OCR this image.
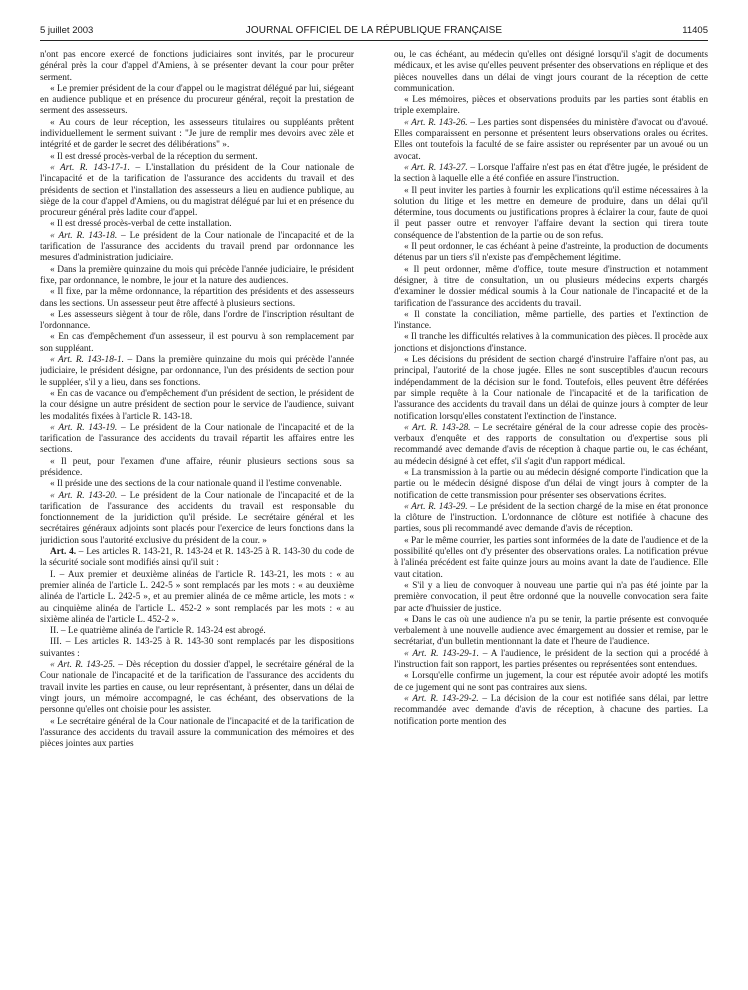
5 juillet 2003	JOURNAL OFFICIEL DE LA RÉPUBLIQUE FRANÇAISE	11405

n'ont pas encore exercé de fonctions judiciaires sont invités, par le procureur général près la cour d'appel d'Amiens, à se présenter devant la cour pour prêter serment.

« Le premier président de la cour d'appel ou le magistrat délégué par lui, siégeant en audience publique et en présence du procureur général, reçoit la prestation de serment des assesseurs.

« Au cours de leur réception, les assesseurs titulaires ou suppléants prêtent individuellement le serment suivant : "Je jure de remplir mes devoirs avec zèle et intégrité et de garder le secret des délibérations" ».

« Il est dressé procès-verbal de la réception du serment.

« Art. R. 143-17-1. – L'installation du président de la Cour nationale de l'incapacité et de la tarification de l'assurance des accidents du travail et des présidents de section et l'installation des assesseurs a lieu en audience publique, au siège de la cour d'appel d'Amiens, ou du magistrat délégué par lui et en présence du procureur général près ladite cour d'appel.

« Il est dressé procès-verbal de cette installation.

« Art. R. 143-18. – Le président de la Cour nationale de l'incapacité et de la tarification de l'assurance des accidents du travail prend par ordonnance les mesures d'administration judiciaire.

« Dans la première quinzaine du mois qui précède l'année judiciaire, le président fixe, par ordonnance, le nombre, le jour et la nature des audiences.

« Il fixe, par la même ordonnance, la répartition des présidents et des assesseurs dans les sections. Un assesseur peut être affecté à plusieurs sections.

« Les assesseurs siègent à tour de rôle, dans l'ordre de l'inscription résultant de l'ordonnance.

« En cas d'empêchement d'un assesseur, il est pourvu à son remplacement par son suppléant.

« Art. R. 143-18-1. – Dans la première quinzaine du mois qui précède l'année judiciaire, le président désigne, par ordonnance, l'un des présidents de section pour le suppléer, s'il y a lieu, dans ses fonctions.

« En cas de vacance ou d'empêchement d'un président de section, le président de la cour désigne un autre président de section pour le service de l'audience, suivant les modalités fixées à l'article R. 143-18.

« Art. R. 143-19. – Le président de la Cour nationale de l'incapacité et de la tarification de l'assurance des accidents du travail répartit les affaires entre les sections.

« Il peut, pour l'examen d'une affaire, réunir plusieurs sections sous sa présidence.

« Il préside une des sections de la cour nationale quand il l'estime convenable.

« Art. R. 143-20. – Le président de la Cour nationale de l'incapacité et de la tarification de l'assurance des accidents du travail est responsable du fonctionnement de la juridiction qu'il préside. Le secrétaire général et les secrétaires généraux adjoints sont placés pour l'exercice de leurs fonctions dans la juridiction sous l'autorité exclusive du président de la cour. »

Art. 4. – Les articles R. 143-21, R. 143-24 et R. 143-25 à R. 143-30 du code de la sécurité sociale sont modifiés ainsi qu'il suit :

I. – Aux premier et deuxième alinéas de l'article R. 143-21, les mots : « au premier alinéa de l'article L. 242-5 » sont remplacés par les mots : « au deuxième alinéa de l'article L. 242-5 », et au premier alinéa de ce même article, les mots : « au cinquième alinéa de l'article L. 452-2 » sont remplacés par les mots : « au sixième alinéa de l'article L. 452-2 ».

II. – Le quatrième alinéa de l'article R. 143-24 est abrogé.

III. – Les articles R. 143-25 à R. 143-30 sont remplacés par les dispositions suivantes :

« Art. R. 143-25. – Dès réception du dossier d'appel, le secrétaire général de la Cour nationale de l'incapacité et de la tarification de l'assurance des accidents du travail invite les parties en cause, ou leur représentant, à présenter, dans un délai de vingt jours, un mémoire accompagné, le cas échéant, des observations de la personne qu'elles ont choisie pour les assister.

« Le secrétaire général de la Cour nationale de l'incapacité et de la tarification de l'assurance des accidents du travail assure la communication des mémoires et des pièces jointes aux parties

ou, le cas échéant, au médecin qu'elles ont désigné lorsqu'il s'agit de documents médicaux, et les avise qu'elles peuvent présenter des observations en réplique et des pièces nouvelles dans un délai de vingt jours courant de la réception de cette communication.

« Les mémoires, pièces et observations produits par les parties sont établis en triple exemplaire.

« Art. R. 143-26. – Les parties sont dispensées du ministère d'avocat ou d'avoué. Elles comparaissent en personne et présentent leurs observations orales ou écrites. Elles ont toutefois la faculté de se faire assister ou représenter par un avoué ou un avocat.

« Art. R. 143-27. – Lorsque l'affaire n'est pas en état d'être jugée, le président de la section à laquelle elle a été confiée en assure l'instruction.

« Il peut inviter les parties à fournir les explications qu'il estime nécessaires à la solution du litige et les mettre en demeure de produire, dans un délai qu'il détermine, tous documents ou justifications propres à éclairer la cour, faute de quoi il peut passer outre et renvoyer l'affaire devant la section qui tirera toute conséquence de l'abstention de la partie ou de son refus.

« Il peut ordonner, le cas échéant à peine d'astreinte, la production de documents détenus par un tiers s'il n'existe pas d'empêchement légitime.

« Il peut ordonner, même d'office, toute mesure d'instruction et notamment désigner, à titre de consultation, un ou plusieurs médecins experts chargés d'examiner le dossier médical soumis à la Cour nationale de l'incapacité et de la tarification de l'assurance des accidents du travail.

« Il constate la conciliation, même partielle, des parties et l'extinction de l'instance.

« Il tranche les difficultés relatives à la communication des pièces. Il procède aux jonctions et disjonctions d'instance.

« Les décisions du président de section chargé d'instruire l'affaire n'ont pas, au principal, l'autorité de la chose jugée. Elles ne sont susceptibles d'aucun recours indépendamment de la décision sur le fond. Toutefois, elles peuvent être déférées par simple requête à la Cour nationale de l'incapacité et de la tarification de l'assurance des accidents du travail dans un délai de quinze jours à compter de leur notification lorsqu'elles constatent l'extinction de l'instance.

« Art. R. 143-28. – Le secrétaire général de la cour adresse copie des procès-verbaux d'enquête et des rapports de consultation ou d'expertise sous pli recommandé avec demande d'avis de réception à chaque partie ou, le cas échéant, au médecin désigné à cet effet, s'il s'agit d'un rapport médical.

« La transmission à la partie ou au médecin désigné comporte l'indication que la partie ou le médecin désigné dispose d'un délai de vingt jours à compter de la notification de cette transmission pour présenter ses observations écrites.

« Art. R. 143-29. – Le président de la section chargé de la mise en état prononce la clôture de l'instruction. L'ordonnance de clôture est notifiée à chacune des parties, sous pli recommandé avec demande d'avis de réception.

« Par le même courrier, les parties sont informées de la date de l'audience et de la possibilité qu'elles ont d'y présenter des observations orales. La notification prévue à l'alinéa précédent est faite quinze jours au moins avant la date de l'audience. Elle vaut citation.

« S'il y a lieu de convoquer à nouveau une partie qui n'a pas été jointe par la première convocation, il peut être ordonné que la nouvelle convocation sera faite par acte d'huissier de justice.

« Dans le cas où une audience n'a pu se tenir, la partie présente est convoquée verbalement à une nouvelle audience avec émargement au dossier et remise, par le secrétariat, d'un bulletin mentionnant la date et l'heure de l'audience.

« Art. R. 143-29-1. – A l'audience, le président de la section qui a procédé à l'instruction fait son rapport, les parties présentes ou représentées sont entendues.

« Lorsqu'elle confirme un jugement, la cour est réputée avoir adopté les motifs de ce jugement qui ne sont pas contraires aux siens.

« Art. R. 143-29-2. – La décision de la cour est notifiée sans délai, par lettre recommandée avec demande d'avis de réception, à chacune des parties. La notification porte mention des
